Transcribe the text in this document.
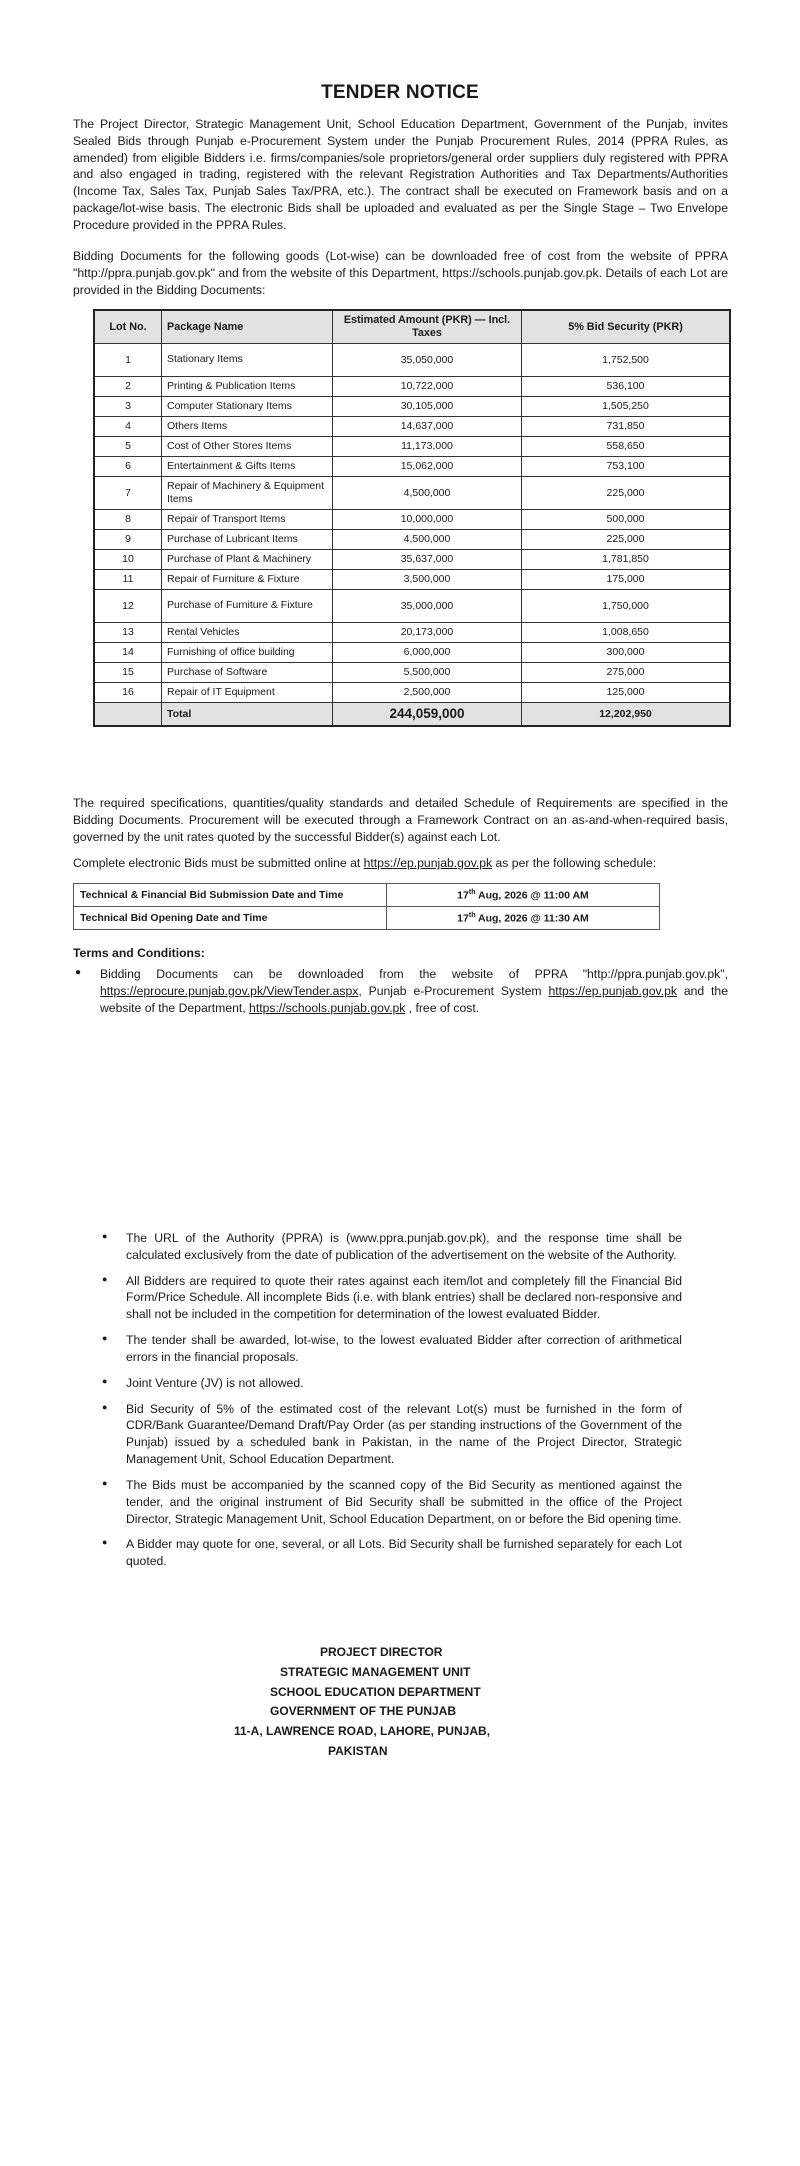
TENDER NOTICE

The Project Director, Strategic Management Unit, School Education Department, Government of the Punjab, invites Sealed Bids through Punjab e-Procurement System under the Punjab Procurement Rules, 2014 (PPRA Rules, as amended) from eligible Bidders i.e. firms/companies/sole proprietors/general order suppliers duly registered with PPRA and also engaged in trading, registered with the relevant Registration Authorities and Tax Departments/Authorities (Income Tax, Sales Tax, Punjab Sales Tax/PRA, etc.). The contract shall be executed on Framework basis and on a package/lot-wise basis. The electronic Bids shall be uploaded and evaluated as per the Single Stage – Two Envelope Procedure provided in the PPRA Rules.

Bidding Documents for the following goods (Lot-wise) can be downloaded free of cost from the website of PPRA "http://ppra.punjab.gov.pk" and from the website of this Department, https://schools.punjab.gov.pk. Details of each Lot are provided in the Bidding Documents:

Lot No.	Package Name	Estimated Amount (PKR) — Incl. Taxes	5% Bid Security (PKR)
1	Stationary Items	35,050,000	1,752,500
2	Printing & Publication Items	10,722,000	536,100
3	Computer Stationary Items	30,105,000	1,505,250
4	Others Items	14,637,000	731,850
5	Cost of Other Stores Items	11,173,000	558,650
6	Entertainment & Gifts Items	15,062,000	753,100
7	Repair of Machinery & Equipment Items	4,500,000	225,000
8	Repair of Transport Items	10,000,000	500,000
9	Purchase of Lubricant Items	4,500,000	225,000
10	Purchase of Plant & Machinery	35,637,000	1,781,850
11	Repair of Furniture & Fixture	3,500,000	175,000
12	Purchase of Furniture & Fixture	35,000,000	1,750,000
13	Rental Vehicles	20,173,000	1,008,650
14	Furnishing of office building	6,000,000	300,000
15	Purchase of Software	5,500,000	275,000
16	Repair of IT Equipment	2,500,000	125,000
	Total	244,059,000	12,202,950

The required specifications, quantities/quality standards and detailed Schedule of Requirements are specified in the Bidding Documents. Procurement will be executed through a Framework Contract on an as-and-when-required basis, governed by the unit rates quoted by the successful Bidder(s) against each Lot.

Complete electronic Bids must be submitted online at https://ep.punjab.gov.pk as per the following schedule:

Technical & Financial Bid Submission Date and Time	17th Aug, 2026 @ 11:00 AM
Technical Bid Opening Date and Time	17th Aug, 2026 @ 11:30 AM

Terms and Conditions:

● Bidding Documents can be downloaded from the website of PPRA "http://ppra.punjab.gov.pk", https://eprocure.punjab.gov.pk/ViewTender.aspx, Punjab e-Procurement System https://ep.punjab.gov.pk and the website of the Department, https://schools.punjab.gov.pk , free of cost.
● The URL of the Authority (PPRA) is (www.ppra.punjab.gov.pk), and the response time shall be calculated exclusively from the date of publication of the advertisement on the website of the Authority.
● All Bidders are required to quote their rates against each item/lot and completely fill the Financial Bid Form/Price Schedule. All incomplete Bids (i.e. with blank entries) shall be declared non-responsive and shall not be included in the competition for determination of the lowest evaluated Bidder.
● The tender shall be awarded, lot-wise, to the lowest evaluated Bidder after correction of arithmetical errors in the financial proposals.
● Joint Venture (JV) is not allowed.
● Bid Security of 5% of the estimated cost of the relevant Lot(s) must be furnished in the form of CDR/Bank Guarantee/Demand Draft/Pay Order (as per standing instructions of the Government of the Punjab) issued by a scheduled bank in Pakistan, in the name of the Project Director, Strategic Management Unit, School Education Department.
● The Bids must be accompanied by the scanned copy of the Bid Security as mentioned against the tender, and the original instrument of Bid Security shall be submitted in the office of the Project Director, Strategic Management Unit, School Education Department, on or before the Bid opening time.
● A Bidder may quote for one, several, or all Lots. Bid Security shall be furnished separately for each Lot quoted.
PROJECT DIRECTOR
STRATEGIC MANAGEMENT UNIT
SCHOOL EDUCATION DEPARTMENT
GOVERNMENT OF THE PUNJAB
11-A, LAWRENCE ROAD, LAHORE, PUNJAB,
PAKISTAN
